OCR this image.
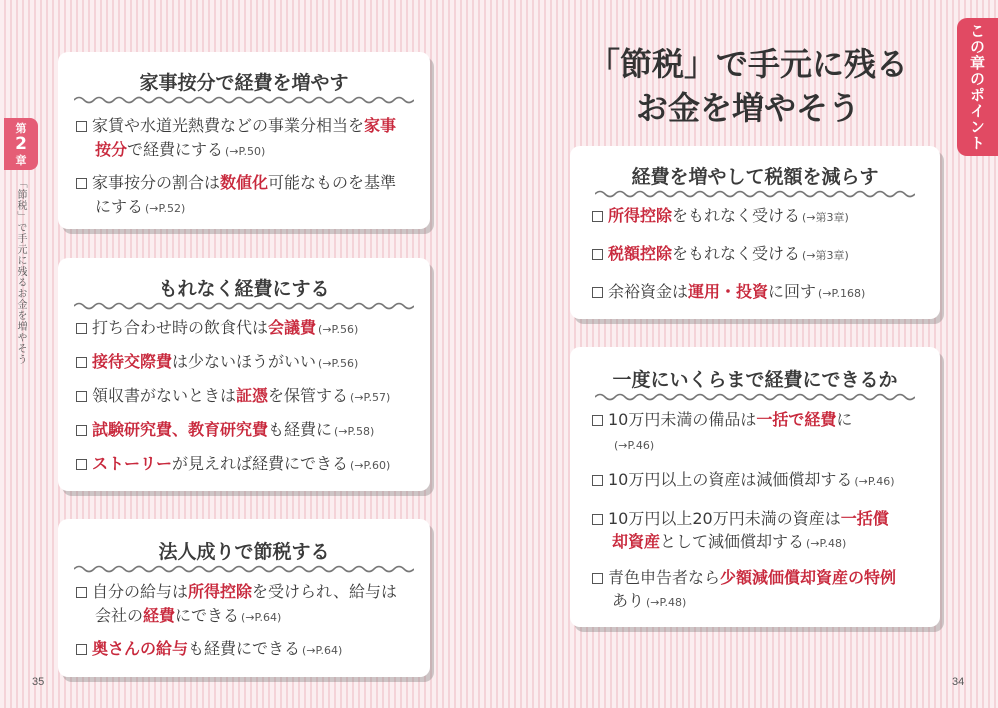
第
2
章
「節税」で手元に残るお金を増やそう
この章のポイント
「節税」で手元に残る
お金を増やそう
家事按分で経費を増やす
家賃や水道光熱費などの事業分相当を家事
按分で経費にする (→P.50)
家事按分の割合は数値化可能なものを基準
にする (→P.52)
もれなく経費にする
打ち合わせ時の飲食代は会議費 (→P.56)
接待交際費は少ないほうがいい (→P.56)
領収書がないときは証憑を保管する (→P.57)
試験研究費、教育研究費も経費に (→P.58)
ストーリーが見えれば経費にできる (→P.60)
法人成りで節税する
自分の給与は所得控除を受けられ、給与は
会社の経費にできる (→P.64)
奥さんの給与も経費にできる (→P.64)
経費を増やして税額を減らす
所得控除をもれなく受ける (→第3章)
税額控除をもれなく受ける (→第3章)
余裕資金は運用・投資に回す (→P.168)
一度にいくらまで経費にできるか
10万円未満の備品は一括で経費に
(→P.46)
10万円以上の資産は減価償却する (→P.46)
10万円以上20万円未満の資産は一括償
却資産として減価償却する (→P.48)
青色申告者なら少額減価償却資産の特例
あり (→P.48)
35	34
